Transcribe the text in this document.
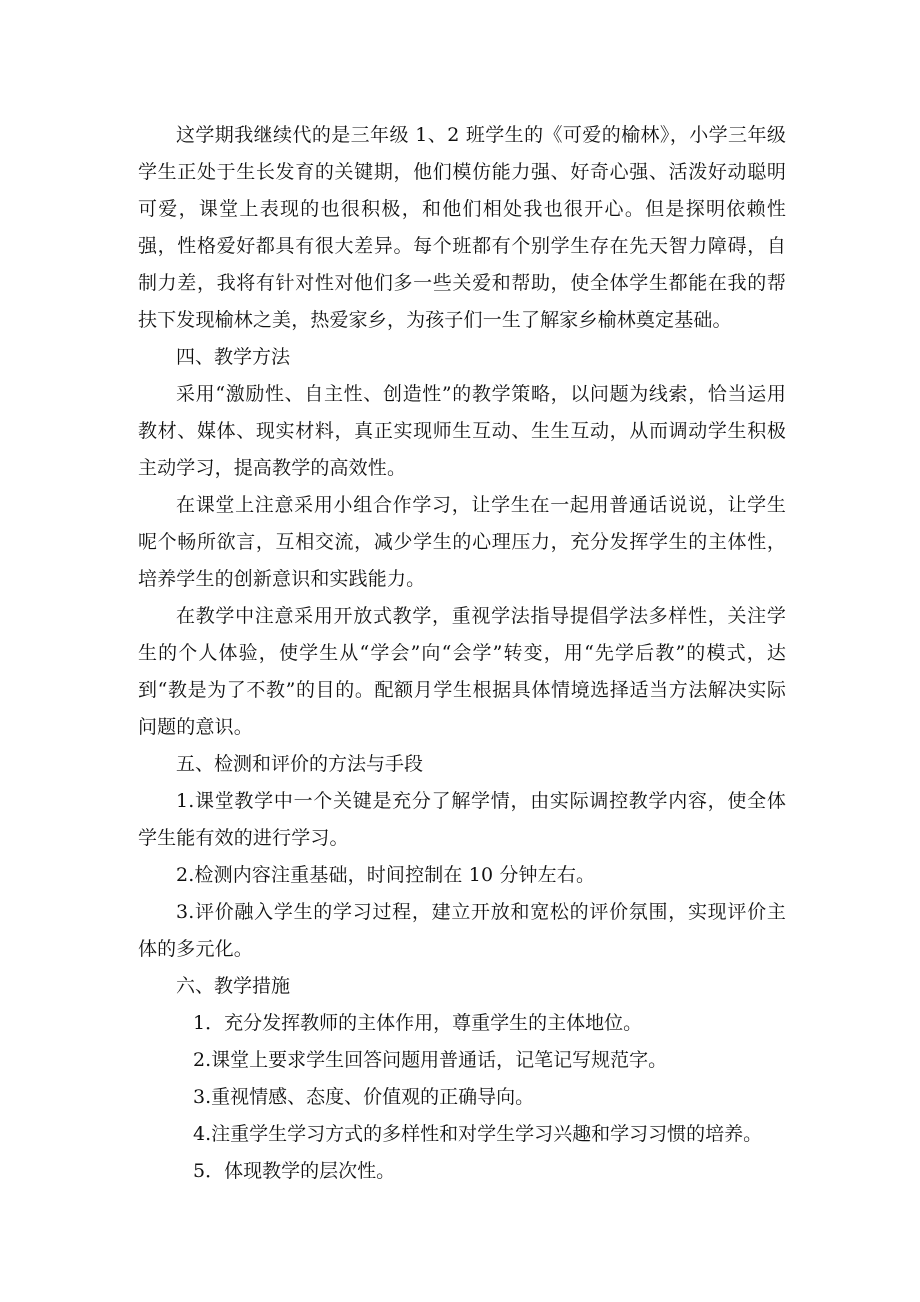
这学期我继续代的是三年级 1、2 班学生的《可爱的榆林》，小学三年级学生正处于生长发育的关键期，他们模仿能力强、好奇心强、活泼好动聪明可爱，课堂上表现的也很积极，和他们相处我也很开心。但是探明依赖性强，性格爱好都具有很大差异。每个班都有个别学生存在先天智力障碍，自制力差，我将有针对性对他们多一些关爱和帮助，使全体学生都能在我的帮扶下发现榆林之美，热爱家乡，为孩子们一生了解家乡榆林奠定基础。

四、教学方法

采用“激励性、自主性、创造性”的教学策略，以问题为线索，恰当运用教材、媒体、现实材料，真正实现师生互动、生生互动，从而调动学生积极主动学习，提高教学的高效性。

在课堂上注意采用小组合作学习，让学生在一起用普通话说说，让学生呢个畅所欲言，互相交流，减少学生的心理压力，充分发挥学生的主体性，培养学生的创新意识和实践能力。

在教学中注意采用开放式教学，重视学法指导提倡学法多样性，关注学生的个人体验，使学生从“学会”向“会学”转变，用“先学后教”的模式，达到“教是为了不教”的目的。配额月学生根据具体情境选择适当方法解决实际问题的意识。

五、检测和评价的方法与手段

1.课堂教学中一个关键是充分了解学情，由实际调控教学内容，使全体学生能有效的进行学习。

2.检测内容注重基础，时间控制在 10 分钟左右。

3.评价融入学生的学习过程，建立开放和宽松的评价氛围，实现评价主体的多元化。

六、教学措施

1．充分发挥教师的主体作用，尊重学生的主体地位。

2.课堂上要求学生回答问题用普通话，记笔记写规范字。

3.重视情感、态度、价值观的正确导向。

4.注重学生学习方式的多样性和对学生学习兴趣和学习习惯的培养。

5．体现教学的层次性。
